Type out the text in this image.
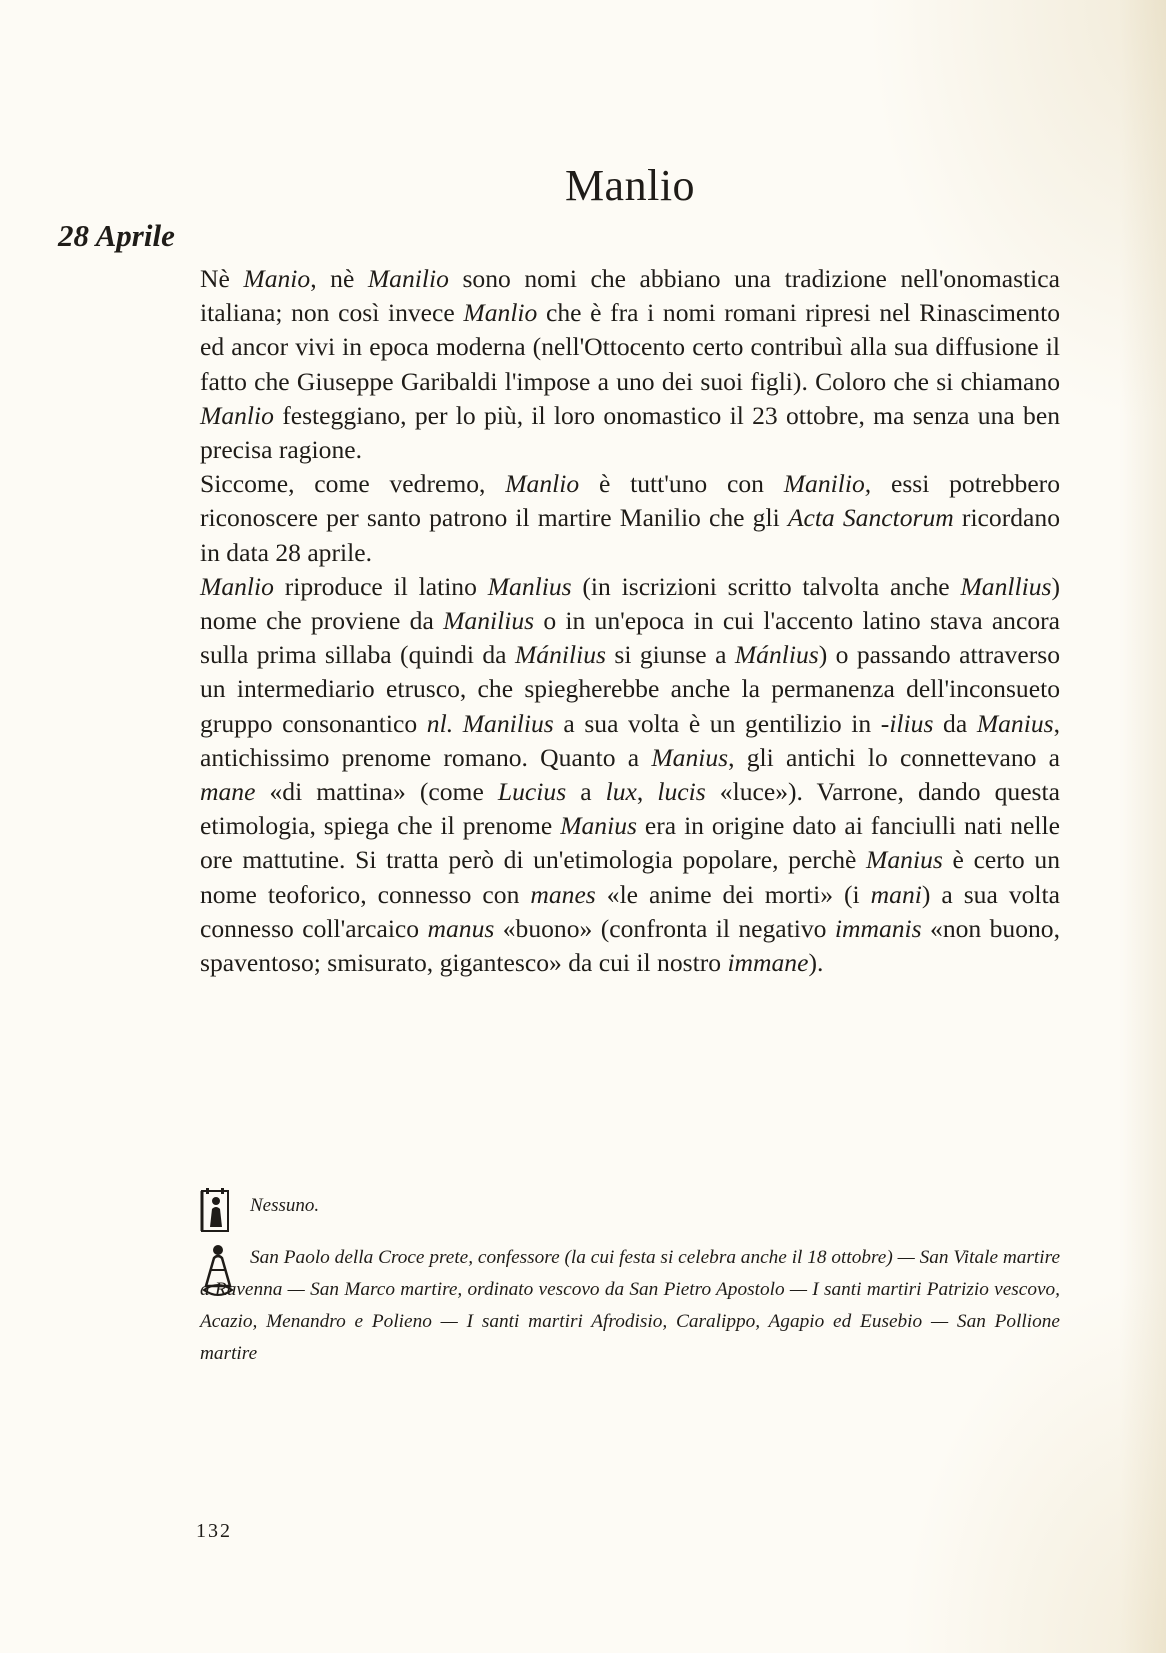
Manlio
28 Aprile

Nè Manio, nè Manilio sono nomi che abbiano una tradizione nell'onomastica italiana; non così invece Manlio che è fra i nomi romani ripresi nel Rinascimento ed ancor vivi in epoca moderna (nell'Ottocento certo contribuì alla sua diffusione il fatto che Giuseppe Garibaldi l'impose a uno dei suoi figli). Coloro che si chiamano Manlio festeggiano, per lo più, il loro onomastico il 23 ottobre, ma senza una ben precisa ragione.

Siccome, come vedremo, Manlio è tutt'uno con Manilio, essi potrebbero riconoscere per santo patrono il martire Manilio che gli Acta Sanctorum ricordano in data 28 aprile.

Manlio riproduce il latino Manlius (in iscrizioni scritto talvolta anche Manllius) nome che proviene da Manilius o in un'epoca in cui l'accento latino stava ancora sulla prima sillaba (quindi da Mánilius si giunse a Mánlius) o passando attraverso un intermediario etrusco, che spiegherebbe anche la permanenza dell'inconsueto gruppo consonantico nl. Manilius a sua volta è un gentilizio in -ilius da Manius, antichissimo prenome romano. Quanto a Manius, gli antichi lo connettevano a mane «di mattina» (come Lucius a lux, lucis «luce»). Varrone, dando questa etimologia, spiega che il prenome Manius era in origine dato ai fanciulli nati nelle ore mattutine. Si tratta però di un'etimologia popolare, perchè Manius è certo un nome teoforico, connesso con manes «le anime dei morti» (i mani) a sua volta connesso coll'arcaico manus «buono» (confronta il negativo immanis «non buono, spaventoso; smisurato, gigantesco» da cui il nostro immane).

Nessuno.
San Paolo della Croce prete, confessore (la cui festa si celebra anche il 18 ottobre) — San Vitale martire a Ravenna — San Marco martire, ordinato vescovo da San Pietro Apostolo — I santi martiri Patrizio vescovo, Acazio, Menandro e Polieno — I santi martiri Afrodisio, Caralippo, Agapio ed Eusebio — San Pollione martire
132
